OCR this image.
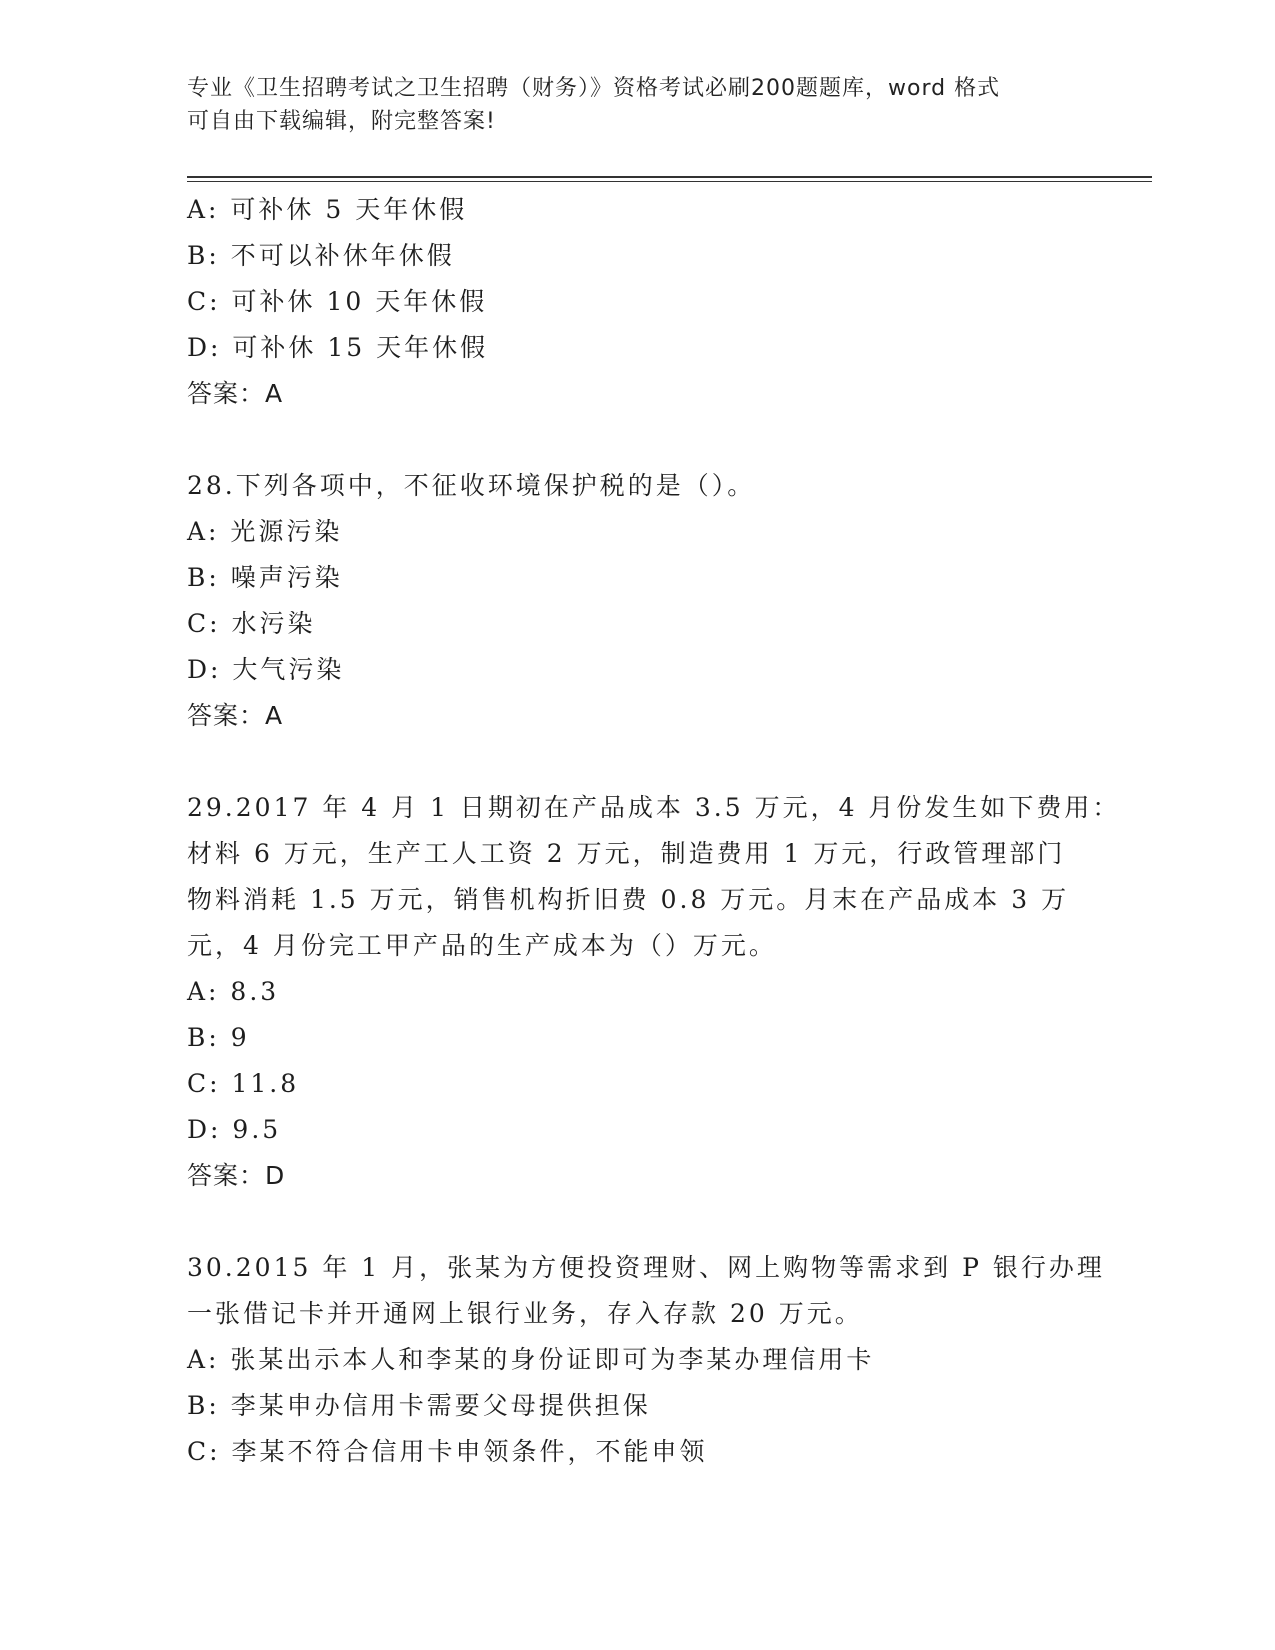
专业《卫生招聘考试之卫生招聘（财务）》资格考试必刷200题题库，word 格式
可自由下载编辑，附完整答案!
A: 可补休 5 天年休假
B: 不可以补休年休假
C: 可补休 10 天年休假
D: 可补休 15 天年休假
答案：A
28.下列各项中，不征收环境保护税的是（）。
A: 光源污染
B: 噪声污染
C: 水污染
D: 大气污染
答案：A
29.2017 年 4 月 1 日期初在产品成本 3.5 万元，4 月份发生如下费用：
材料 6 万元，生产工人工资 2 万元，制造费用 1 万元，行政管理部门
物料消耗 1.5 万元，销售机构折旧费 0.8 万元。月末在产品成本 3 万
元，4 月份完工甲产品的生产成本为（）万元。
A: 8.3
B: 9
C: 11.8
D: 9.5
答案：D
30.2015 年 1 月，张某为方便投资理财、网上购物等需求到 P 银行办理
一张借记卡并开通网上银行业务，存入存款 20 万元。
A: 张某出示本人和李某的身份证即可为李某办理信用卡
B: 李某申办信用卡需要父母提供担保
C: 李某不符合信用卡申领条件，不能申领
